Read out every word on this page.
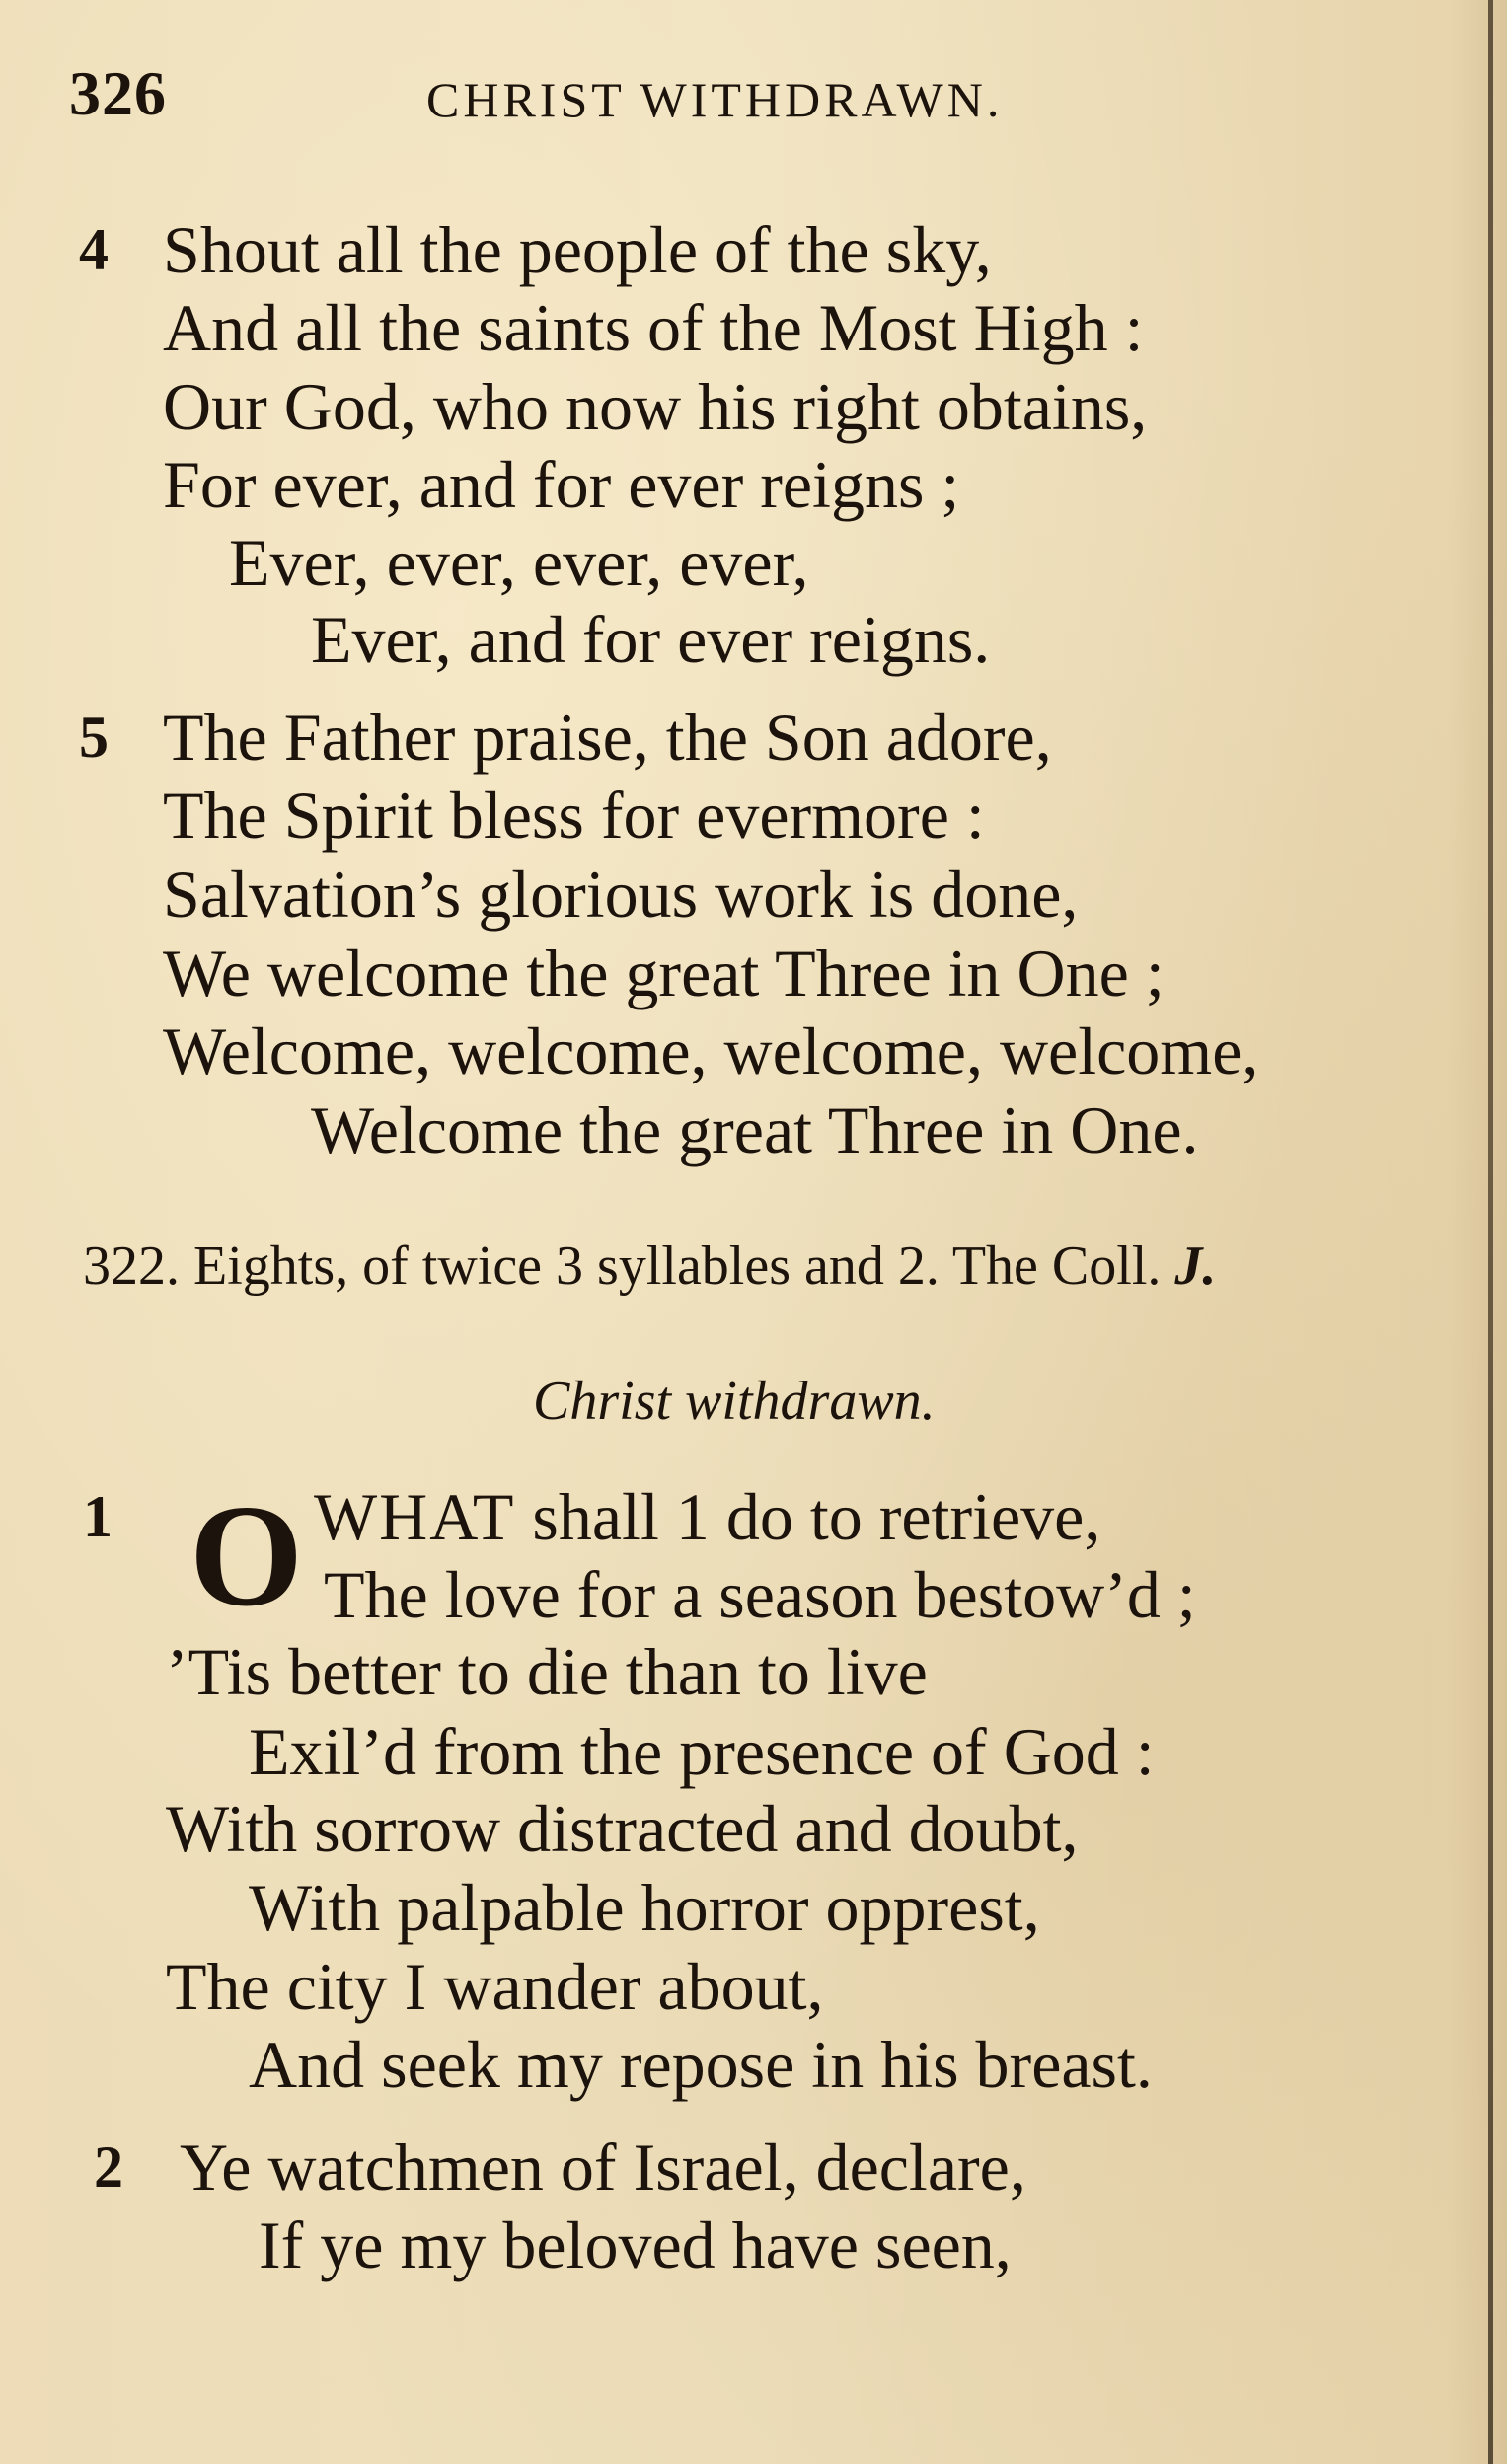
326	CHRIST WITHDRAWN.
4 Shout all the people of the sky,
And all the saints of the Most High :
Our God, who now his right obtains,
For ever, and for ever reigns ;
Ever, ever, ever, ever,
Ever, and for ever reigns.
5 The Father praise, the Son adore,
The Spirit bless for evermore :
Salvation’s glorious work is done,
We welcome the great Three in One ;
Welcome, welcome, welcome, welcome,
Welcome the great Three in One.
322. Eights, of twice 3 syllables and 2. The Coll. J.
Christ withdrawn.
1 O WHAT shall 1 do to retrieve,
The love for a season bestow’d ;
’Tis better to die than to live
Exil’d from the presence of God :
With sorrow distracted and doubt,
With palpable horror opprest,
The city I wander about,
And seek my repose in his breast.
2 Ye watchmen of Israel, declare,
If ye my beloved have seen,
